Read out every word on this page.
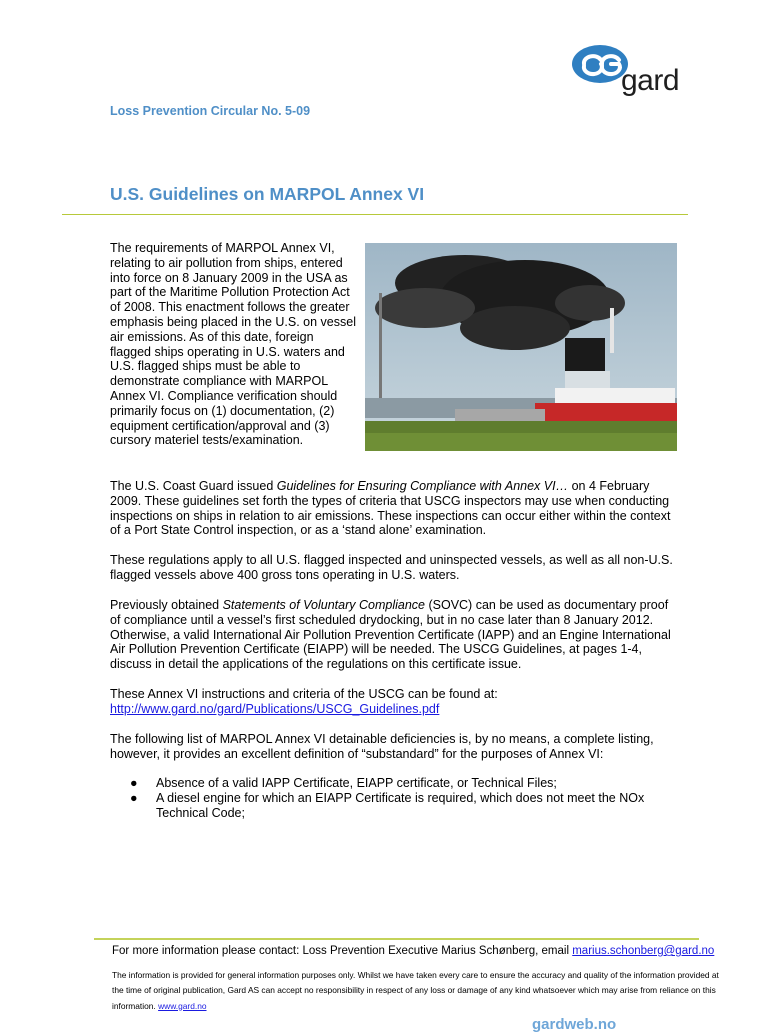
gard
Loss Prevention Circular No. 5-09
U.S. Guidelines on MARPOL Annex VI

The requirements of MARPOL Annex VI, relating to air pollution from ships, entered into force on 8 January 2009 in the USA as part of the Maritime Pollution Protection Act of 2008. This enactment follows the greater emphasis being placed in the U.S. on vessel air emissions. As of this date, foreign flagged ships operating in U.S. waters and U.S. flagged ships must be able to demonstrate compliance with MARPOL Annex VI. Compliance verification should primarily focus on (1) documentation, (2) equipment certification/approval and (3) cursory materiel tests/examination.

The U.S. Coast Guard issued Guidelines for Ensuring Compliance with Annex VI… on 4 February 2009. These guidelines set forth the types of criteria that USCG inspectors may use when conducting inspections on ships in relation to air emissions. These inspections can occur either within the context of a Port State Control inspection, or as a ‘stand alone’ examination.

These regulations apply to all U.S. flagged inspected and uninspected vessels, as well as all non-U.S. flagged vessels above 400 gross tons operating in U.S. waters.

Previously obtained Statements of Voluntary Compliance (SOVC) can be used as documentary proof of compliance until a vessel’s first scheduled drydocking, but in no case later than 8 January 2012. Otherwise, a valid International Air Pollution Prevention Certificate (IAPP) and an Engine International Air Pollution Prevention Certificate (EIAPP) will be needed. The USCG Guidelines, at pages 1-4, discuss in detail the applications of the regulations on this certificate issue.

These Annex VI instructions and criteria of the USCG can be found at:
http://www.gard.no/gard/Publications/USCG_Guidelines.pdf

The following list of MARPOL Annex VI detainable deficiencies is, by no means, a complete listing, however, it provides an excellent definition of “substandard” for the purposes of Annex VI:

● Absence of a valid IAPP Certificate, EIAPP certificate, or Technical Files;
● A diesel engine for which an EIAPP Certificate is required, which does not meet the NOx Technical Code;

For more information please contact: Loss Prevention Executive Marius Schønberg, email marius.schonberg@gard.no

The information is provided for general information purposes only. Whilst we have taken every care to ensure the accuracy and quality of the information provided at the time of original publication, Gard AS can accept no responsibility in respect of any loss or damage of any kind whatsoever which may arise from reliance on this information. www.gard.no

gardweb.no
